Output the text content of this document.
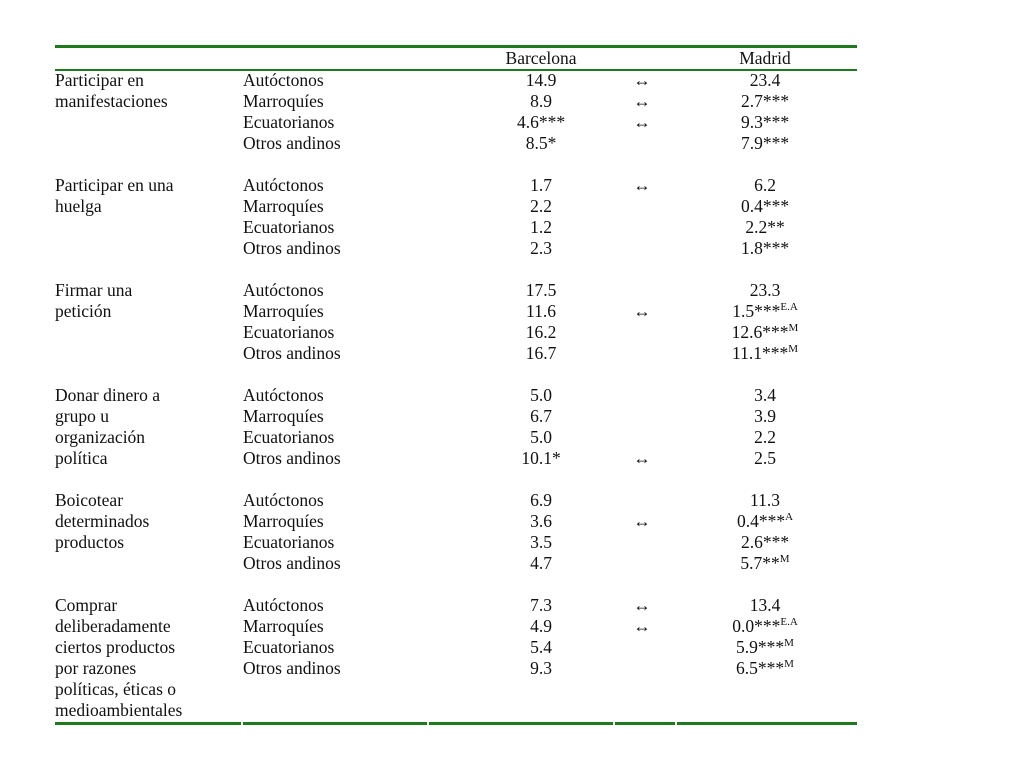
		Barcelona		Madrid
Participar en	Autóctonos	14.9	↔	23.4
manifestaciones	Marroquíes	8.9	↔	2.7***
	Ecuatorianos	4.6***	↔	9.3***
	Otros andinos	8.5*		7.9***

Participar en una	Autóctonos	1.7	↔	6.2
huelga	Marroquíes	2.2		0.4***
	Ecuatorianos	1.2		2.2**
	Otros andinos	2.3		1.8***

Firmar una	Autóctonos	17.5		23.3
petición	Marroquíes	11.6	↔	1.5***$^{E.A}$
	Ecuatorianos	16.2		12.6***$^M$
	Otros andinos	16.7		11.1***$^M$

Donar dinero a	Autóctonos	5.0		3.4
grupo u	Marroquíes	6.7		3.9
organización	Ecuatorianos	5.0		2.2
política	Otros andinos	10.1*	↔	2.5

Boicotear	Autóctonos	6.9		11.3
determinados	Marroquíes	3.6	↔	0.4***$^A$
productos	Ecuatorianos	3.5		2.6***
	Otros andinos	4.7		5.7**$^M$

Comprar	Autóctonos	7.3	↔	13.4
deliberadamente	Marroquíes	4.9	↔	0.0***$^{E.A}$
ciertos productos	Ecuatorianos	5.4		5.9***$^M$
por razones	Otros andinos	9.3		6.5***$^M$
políticas, éticas o				
medioambientales				
